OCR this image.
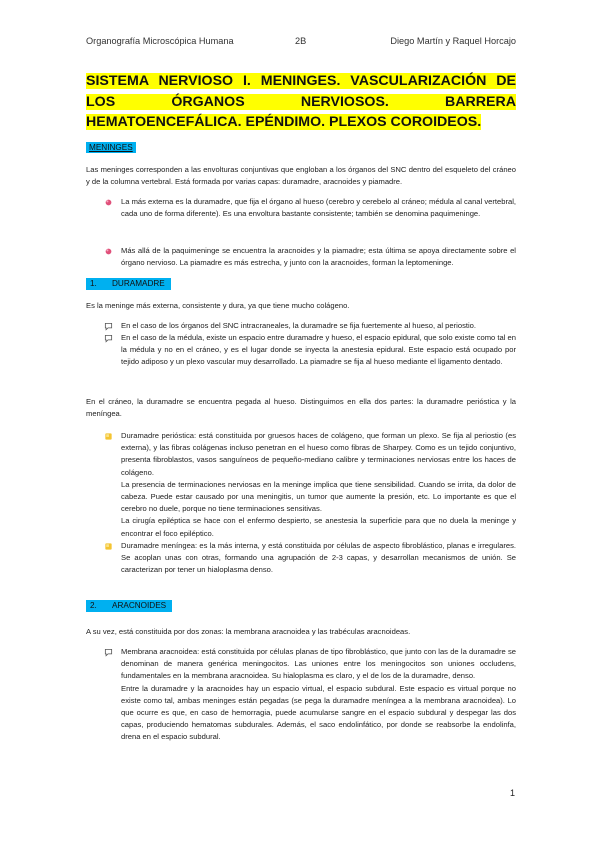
Organografía Microscópica Humana	2B	Diego Martín y Raquel Horcajo
SISTEMA NERVIOSO I. MENINGES. VASCULARIZACIÓN DE LOS ÓRGANOS NERVIOSOS. BARRERA HEMATOENCEFÁLICA. EPÉNDIMO. PLEXOS COROIDEOS.
MENINGES
Las meninges corresponden a las envolturas conjuntivas que engloban a los órganos del SNC dentro del esqueleto del cráneo y de la columna vertebral. Está formada por varias capas: duramadre, aracnoides y piamadre.

La más externa es la duramadre, que fija el órgano al hueso (cerebro y cerebelo al cráneo; médula al canal vertebral, cada uno de forma diferente). Es una envoltura bastante consistente; también se denomina paquimeninge.

Más allá de la paquimeninge se encuentra la aracnoides y la piamadre; esta última se apoya directamente sobre el órgano nervioso. La piamadre es más estrecha, y junto con la aracnoides, forman la leptomeninge.

1. DURAMADRE
Es la meninge más externa, consistente y dura, ya que tiene mucho colágeno.

En el caso de los órganos del SNC intracraneales, la duramadre se fija fuertemente al hueso, al periostio.

En el caso de la médula, existe un espacio entre duramadre y hueso, el espacio epidural, que solo existe como tal en la médula y no en el cráneo, y es el lugar donde se inyecta la anestesia epidural. Este espacio está ocupado por tejido adiposo y un plexo vascular muy desarrollado. La piamadre se fija al hueso mediante el ligamento dentado.

En el cráneo, la duramadre se encuentra pegada al hueso. Distinguimos en ella dos partes: la duramadre perióstica y la meníngea.

Duramadre perióstica: está constituida por gruesos haces de colágeno, que forman un plexo. Se fija al periostio (es externa), y las fibras colágenas incluso penetran en el hueso como fibras de Sharpey. Como es un tejido conjuntivo, presenta fibroblastos, vasos sanguíneos de pequeño-mediano calibre y terminaciones nerviosas entre los haces de colágeno.

La presencia de terminaciones nerviosas en la meninge implica que tiene sensibilidad. Cuando se irrita, da dolor de cabeza. Puede estar causado por una meningitis, un tumor que aumente la presión, etc. Lo importante es que el cerebro no duele, porque no tiene terminaciones sensitivas.

La cirugía epiléptica se hace con el enfermo despierto, se anestesia la superficie para que no duela la meninge y encontrar el foco epiléptico.

Duramadre meníngea: es la más interna, y está constituida por células de aspecto fibroblástico, planas e irregulares. Se acoplan unas con otras, formando una agrupación de 2-3 capas, y desarrollan mecanismos de unión. Se caracterizan por tener un hialoplasma denso.

2. ARACNOIDES
A su vez, está constituida por dos zonas: la membrana aracnoidea y las trabéculas aracnoideas.

Membrana aracnoidea: está constituida por células planas de tipo fibroblástico, que junto con las de la duramadre se denominan de manera genérica meningocitos. Las uniones entre los meningocitos son uniones occludens, fundamentales en la membrana aracnoidea. Su hialoplasma es claro, y el de los de la duramadre, denso.

Entre la duramadre y la aracnoides hay un espacio virtual, el espacio subdural. Este espacio es virtual porque no existe como tal, ambas meninges están pegadas (se pega la duramadre meníngea a la membrana aracnoidea). Lo que ocurre es que, en caso de hemorragia, puede acumularse sangre en el espacio subdural y despegar las dos capas, produciendo hematomas subdurales. Además, el saco endolinfático, por donde se reabsorbe la endolinfa, drena en el espacio subdural.

1
